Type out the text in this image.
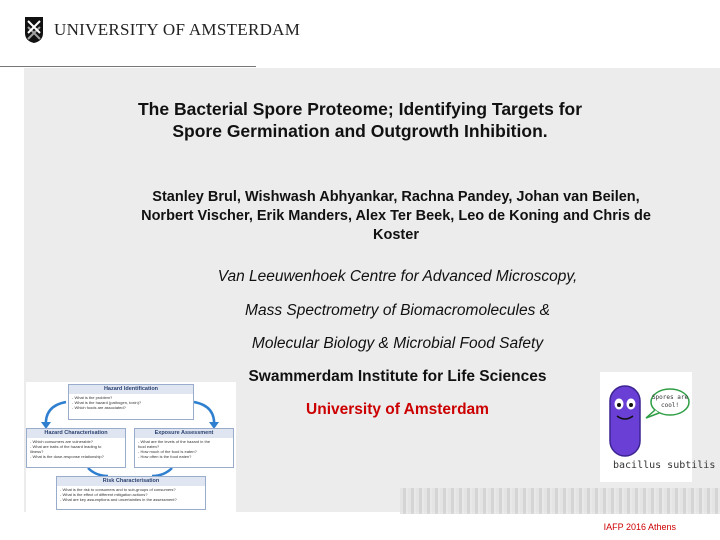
UNIVERSITY OF AMSTERDAM
The Bacterial Spore Proteome; Identifying Targets for
Spore Germination and Outgrowth Inhibition.
Stanley Brul, Wishwash Abhyankar, Rachna Pandey, Johan van Beilen,
Norbert Vischer, Erik Manders, Alex Ter Beek, Leo de Koning and Chris de
Koster
Van Leeuwenhoek Centre for Advanced Microscopy,
Mass Spectrometry of Biomacromolecules &
Molecular Biology & Microbial Food Safety
Swammerdam Institute for Life Sciences
University of Amsterdam
Hazard Identification
- What is the problem?
- What is the hazard (pathogen, toxin)?
- Which foods are associated?
Hazard Characterisation
- Which consumers are vulnerable?
- What are traits of the hazard leading to
illness?
- What is the dose-response relationship?
Exposure Assessment
- What are the levels of the hazard in the
food eaten?
- How much of the food is eaten?
- How often is the food eaten?
Risk Characterisation
- What is the risk to consumers and to sub-groups of consumers?
- What is the effect of different mitigation actions?
- What are key assumptions and uncertainties in the assessment?
Spores are
cool!
bacillus subtilis
IAFP 2016 Athens
